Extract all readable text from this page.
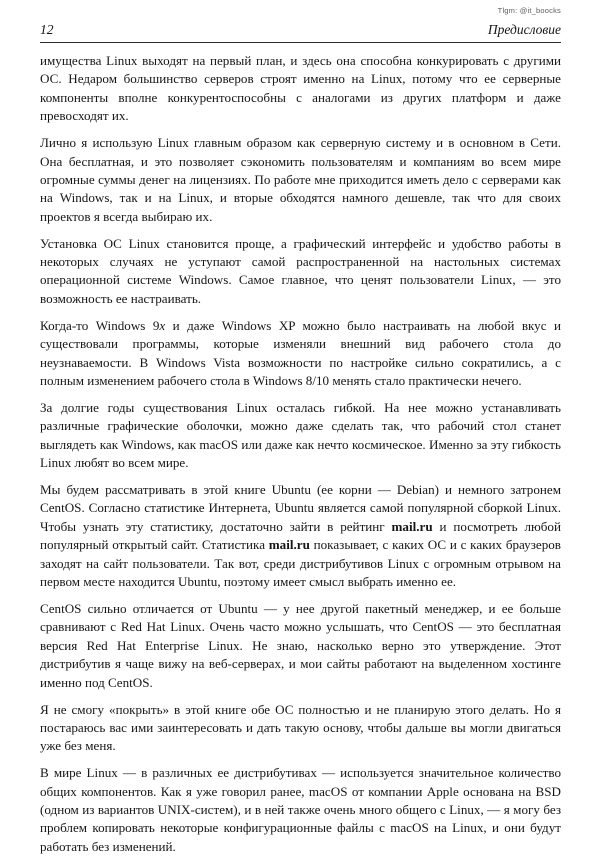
Tlgm: @it_boocks
12	Предисловие

имущества Linux выходят на первый план, и здесь она способна конкурировать с другими ОС. Недаром большинство серверов строят именно на Linux, потому что ее серверные компоненты вполне конкурентоспособны с аналогами из других платформ и даже превосходят их.

Лично я использую Linux главным образом как серверную систему и в основном в Сети. Она бесплатная, и это позволяет сэкономить пользователям и компаниям во всем мире огромные суммы денег на лицензиях. По работе мне приходится иметь дело с серверами как на Windows, так и на Linux, и вторые обходятся намного дешевле, так что для своих проектов я всегда выбираю их.

Установка ОС Linux становится проще, а графический интерфейс и удобство работы в некоторых случаях не уступают самой распространенной на настольных системах операционной системе Windows. Самое главное, что ценят пользователи Linux, — это возможность ее настраивать.

Когда-то Windows 9x и даже Windows XP можно было настраивать на любой вкус и существовали программы, которые изменяли внешний вид рабочего стола до неузнаваемости. В Windows Vista возможности по настройке сильно сократились, а с полным изменением рабочего стола в Windows 8/10 менять стало практически нечего.

За долгие годы существования Linux осталась гибкой. На нее можно устанавливать различные графические оболочки, можно даже сделать так, что рабочий стол станет выглядеть как Windows, как macOS или даже как нечто космическое. Именно за эту гибкость Linux любят во всем мире.

Мы будем рассматривать в этой книге Ubuntu (ее корни — Debian) и немного затронем CentOS. Согласно статистике Интернета, Ubuntu является самой популярной сборкой Linux. Чтобы узнать эту статистику, достаточно зайти в рейтинг mail.ru и посмотреть любой популярный открытый сайт. Статистика mail.ru показывает, с каких ОС и с каких браузеров заходят на сайт пользователи. Так вот, среди дистрибутивов Linux с огромным отрывом на первом месте находится Ubuntu, поэтому имеет смысл выбрать именно ее.

CentOS сильно отличается от Ubuntu — у нее другой пакетный менеджер, и ее больше сравнивают с Red Hat Linux. Очень часто можно услышать, что CentOS — это бесплатная версия Red Hat Enterprise Linux. Не знаю, насколько верно это утверждение. Этот дистрибутив я чаще вижу на веб-серверах, и мои сайты работают на выделенном хостинге именно под CentOS.

Я не смогу «покрыть» в этой книге обе ОС полностью и не планирую этого делать. Но я постараюсь вас ими заинтересовать и дать такую основу, чтобы дальше вы могли двигаться уже без меня.

В мире Linux — в различных ее дистрибутивах — используется значительное количество общих компонентов. Как я уже говорил ранее, macOS от компании Apple основана на BSD (одном из вариантов UNIX-систем), и в ней также очень много общего с Linux, — я могу без проблем копировать некоторые конфигурационные файлы с macOS на Linux, и они будут работать без изменений.
